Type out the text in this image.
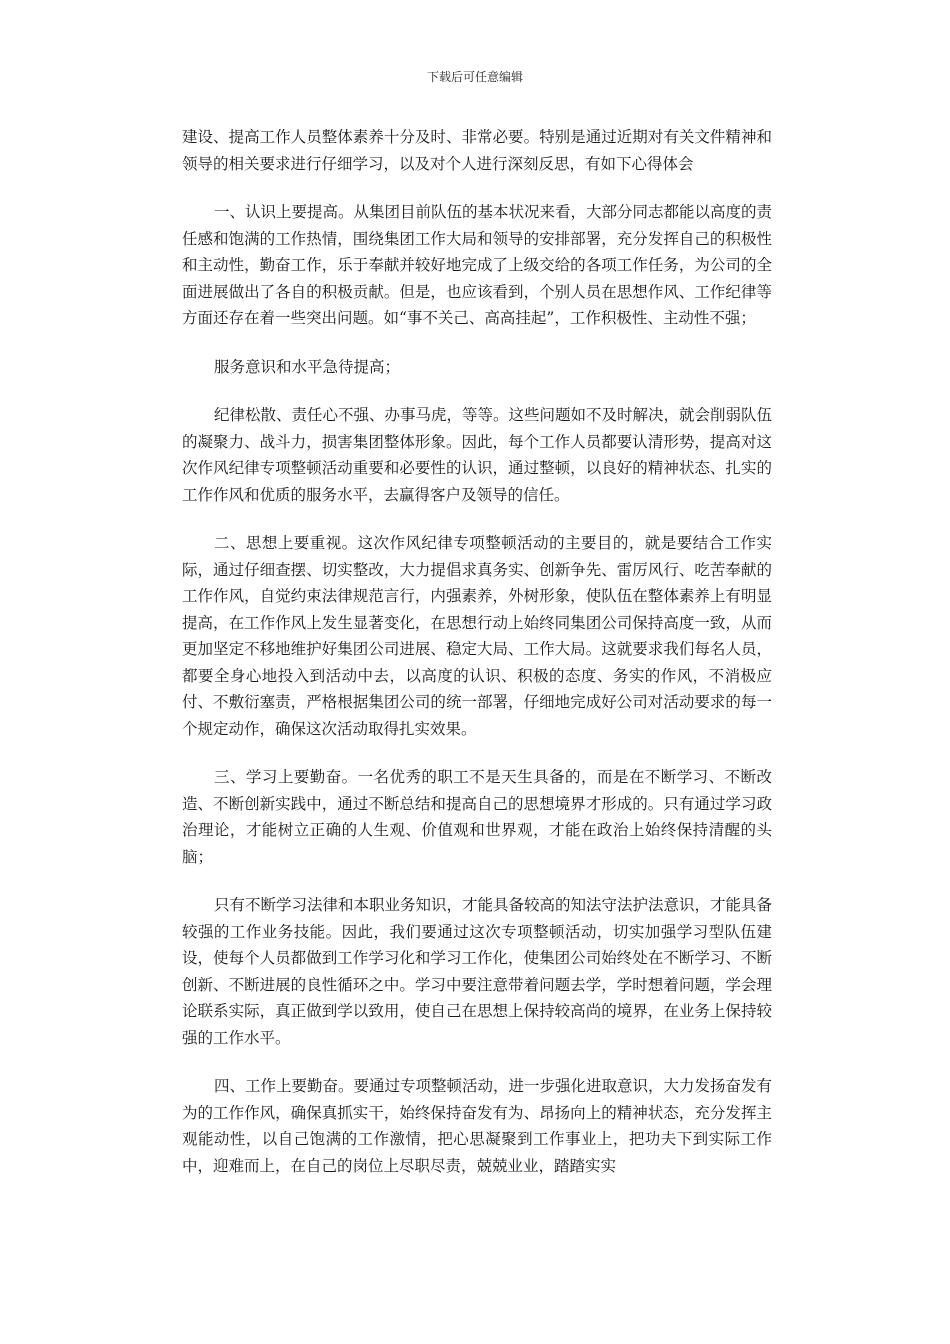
下载后可任意编辑

建设、提高工作人员整体素养十分及时、非常必要。特别是通过近期对有关文件精神和领导的相关要求进行仔细学习，以及对个人进行深刻反思，有如下心得体会

一、认识上要提高。从集团目前队伍的基本状况来看，大部分同志都能以高度的责任感和饱满的工作热情，围绕集团工作大局和领导的安排部署，充分发挥自己的积极性和主动性，勤奋工作，乐于奉献并较好地完成了上级交给的各项工作任务，为公司的全面进展做出了各自的积极贡献。但是，也应该看到，个别人员在思想作风、工作纪律等方面还存在着一些突出问题。如“事不关己、高高挂起”，工作积极性、主动性不强；

服务意识和水平急待提高；

纪律松散、责任心不强、办事马虎，等等。这些问题如不及时解决，就会削弱队伍的凝聚力、战斗力，损害集团整体形象。因此，每个工作人员都要认清形势，提高对这次作风纪律专项整顿活动重要和必要性的认识，通过整顿，以良好的精神状态、扎实的工作作风和优质的服务水平，去赢得客户及领导的信任。

二、思想上要重视。这次作风纪律专项整顿活动的主要目的，就是要结合工作实际，通过仔细查摆、切实整改，大力提倡求真务实、创新争先、雷厉风行、吃苦奉献的工作作风，自觉约束法律规范言行，内强素养，外树形象，使队伍在整体素养上有明显提高，在工作作风上发生显著变化，在思想行动上始终同集团公司保持高度一致，从而更加坚定不移地维护好集团公司进展、稳定大局、工作大局。这就要求我们每名人员，都要全身心地投入到活动中去，以高度的认识、积极的态度、务实的作风，不消极应付、不敷衍塞责，严格根据集团公司的统一部署，仔细地完成好公司对活动要求的每一个规定动作，确保这次活动取得扎实效果。

三、学习上要勤奋。一名优秀的职工不是天生具备的，而是在不断学习、不断改造、不断创新实践中，通过不断总结和提高自己的思想境界才形成的。只有通过学习政治理论，才能树立正确的人生观、价值观和世界观，才能在政治上始终保持清醒的头脑；

只有不断学习法律和本职业务知识，才能具备较高的知法守法护法意识，才能具备较强的工作业务技能。因此，我们要通过这次专项整顿活动，切实加强学习型队伍建设，使每个人员都做到工作学习化和学习工作化，使集团公司始终处在不断学习、不断创新、不断进展的良性循环之中。学习中要注意带着问题去学，学时想着问题，学会理论联系实际，真正做到学以致用，使自己在思想上保持较高尚的境界，在业务上保持较强的工作水平。

四、工作上要勤奋。要通过专项整顿活动，进一步强化进取意识，大力发扬奋发有为的工作作风，确保真抓实干，始终保持奋发有为、昂扬向上的精神状态，充分发挥主观能动性，以自己饱满的工作激情，把心思凝聚到工作事业上，把功夫下到实际工作中，迎难而上，在自己的岗位上尽职尽责，兢兢业业，踏踏实实
